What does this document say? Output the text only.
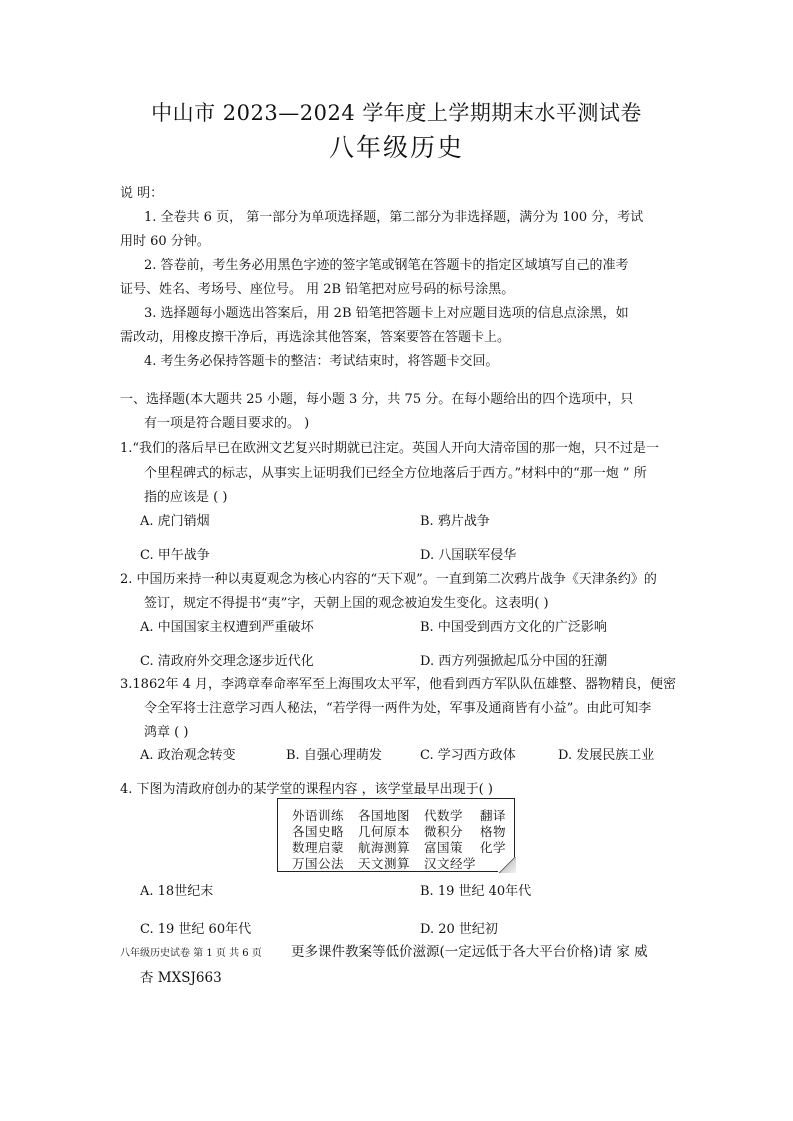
中山市 2023—2024 学年度上学期期末水平测试卷
八年级历史
说 明：
1. 全卷共 6 页， 第一部分为单项选择题，第二部分为非选择题，满分为 100 分，考试
用时 60 分钟。
2. 答卷前，考生务必用黑色字迹的签字笔或钢笔在答题卡的指定区域填写自己的准考
证号、姓名、考场号、座位号。 用 2B 铅笔把对应号码的标号涂黑。
3. 选择题每小题选出答案后，用 2B 铅笔把答题卡上对应题目选项的信息点涂黑，如
需改动，用橡皮擦干净后，再选涂其他答案，答案要答在答题卡上。
4. 考生务必保持答题卡的整洁：考试结束时，将答题卡交回。
一、选择题(本大题共 25 小题，每小题 3 分，共 75 分。在每小题给出的四个选项中，只
有一项是符合题目要求的。 )
1.“我们的落后早已在欧洲文艺复兴时期就已注定。英国人开向大清帝国的那一炮，只不过是一
个里程碑式的标志，从事实上证明我们已经全方位地落后于西方。”材料中的“那一炮 ” 所
指的应该是 ( )
A. 虎门销烟	B. 鸦片战争
C. 甲午战争	D. 八国联军侵华
2. 中国历来持一种以夷夏观念为核心内容的“天下观”。一直到第二次鸦片战争《天津条约》的
签订，规定不得提书“夷”字，天朝上国的观念被迫发生变化。这表明( )
A. 中国国家主权遭到严重破坏	B. 中国受到西方文化的广泛影响
C. 清政府外交理念逐步近代化	D. 西方列强掀起瓜分中国的狂潮
3.1862年 4 月，李鸿章奉命率军至上海围攻太平军，他看到西方军队队伍雄整、器物精良，便密
令全军将士注意学习西人秘法，“若学得一两件为处，军事及通商皆有小益”。由此可知李
鸿章 ( )
A. 政治观念转变	B. 自强心理萌发	C. 学习西方政体	D. 发展民族工业
4. 下图为清政府创办的某学堂的课程内容 ，该学堂最早出现于( )
外语训练 各国地图 代数学 翻译
各国史略 几何原本 微积分 格物
数理启蒙 航海测算 富国策 化学
万国公法 天文测算 汉文经学
A. 18世纪末	B. 19 世纪 40年代
C. 19 世纪 60年代	D. 20 世纪初
八年级历史试卷 第 1 页 共 6 页 更多课件教案等低价滋源(一定远低于各大平台价格)请 家 威
杏 MXSJ663
